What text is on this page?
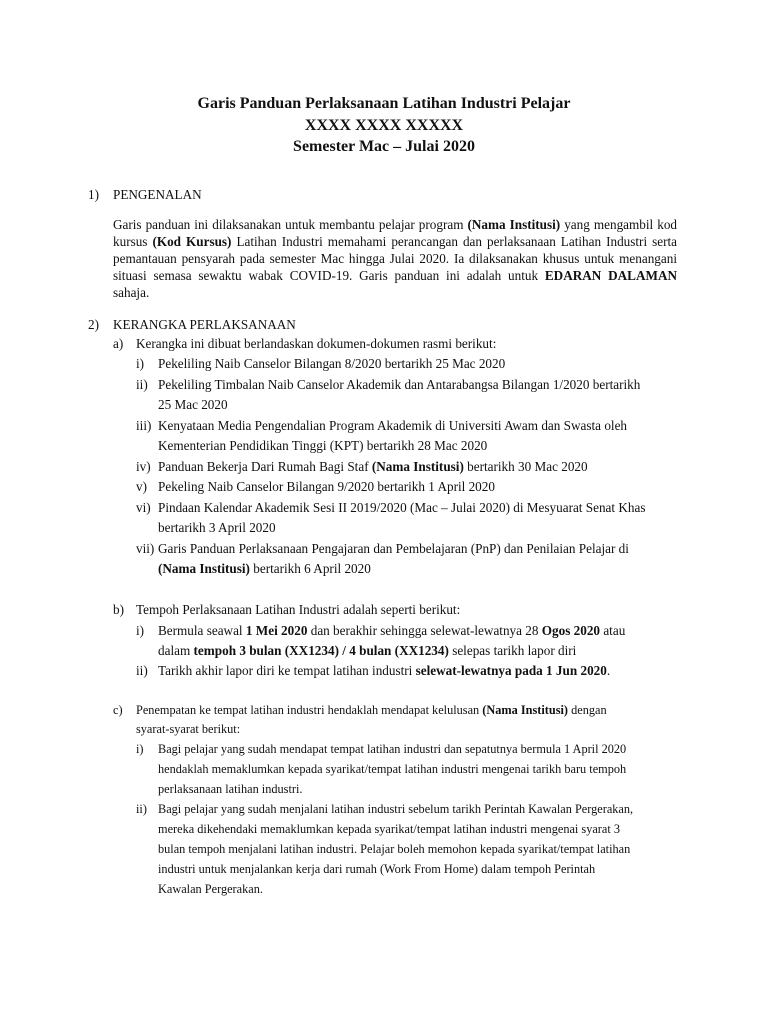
Garis Panduan Perlaksanaan Latihan Industri Pelajar
XXXX XXXX XXXXX
Semester Mac – Julai 2020
1) PENGENALAN
Garis panduan ini dilaksanakan untuk membantu pelajar program (Nama Institusi) yang mengambil kod kursus (Kod Kursus) Latihan Industri memahami perancangan dan perlaksanaan Latihan Industri serta pemantauan pensyarah pada semester Mac hingga Julai 2020. Ia dilaksanakan khusus untuk menangani situasi semasa sewaktu wabak COVID-19. Garis panduan ini adalah untuk EDARAN DALAMAN sahaja.
2) KERANGKA PERLAKSANAAN
a) Kerangka ini dibuat berlandaskan dokumen-dokumen rasmi berikut:
i) Pekeliling Naib Canselor Bilangan 8/2020 bertarikh 25 Mac 2020
ii) Pekeliling Timbalan Naib Canselor Akademik dan Antarabangsa Bilangan 1/2020 bertarikh
25 Mac 2020
iii) Kenyataan Media Pengendalian Program Akademik di Universiti Awam dan Swasta oleh
Kementerian Pendidikan Tinggi (KPT) bertarikh 28 Mac 2020
iv) Panduan Bekerja Dari Rumah Bagi Staf (Nama Institusi) bertarikh 30 Mac 2020
v) Pekeling Naib Canselor Bilangan 9/2020 bertarikh 1 April 2020
vi) Pindaan Kalendar Akademik Sesi II 2019/2020 (Mac – Julai 2020) di Mesyuarat Senat Khas
bertarikh 3 April 2020
vii) Garis Panduan Perlaksanaan Pengajaran dan Pembelajaran (PnP) dan Penilaian Pelajar di
(Nama Institusi) bertarikh 6 April 2020
b) Tempoh Perlaksanaan Latihan Industri adalah seperti berikut:
i) Bermula seawal 1 Mei 2020 dan berakhir sehingga selewat-lewatnya 28 Ogos 2020 atau
dalam tempoh 3 bulan (XX1234) / 4 bulan (XX1234) selepas tarikh lapor diri
ii) Tarikh akhir lapor diri ke tempat latihan industri selewat-lewatnya pada 1 Jun 2020.
c) Penempatan ke tempat latihan industri hendaklah mendapat kelulusan (Nama Institusi) dengan
syarat-syarat berikut:
i) Bagi pelajar yang sudah mendapat tempat latihan industri dan sepatutnya bermula 1 April 2020
hendaklah memaklumkan kepada syarikat/tempat latihan industri mengenai tarikh baru tempoh
perlaksanaan latihan industri.
ii) Bagi pelajar yang sudah menjalani latihan industri sebelum tarikh Perintah Kawalan Pergerakan,
mereka dikehendaki memaklumkan kepada syarikat/tempat latihan industri mengenai syarat 3
bulan tempoh menjalani latihan industri. Pelajar boleh memohon kepada syarikat/tempat latihan
industri untuk menjalankan kerja dari rumah (Work From Home) dalam tempoh Perintah
Kawalan Pergerakan.
